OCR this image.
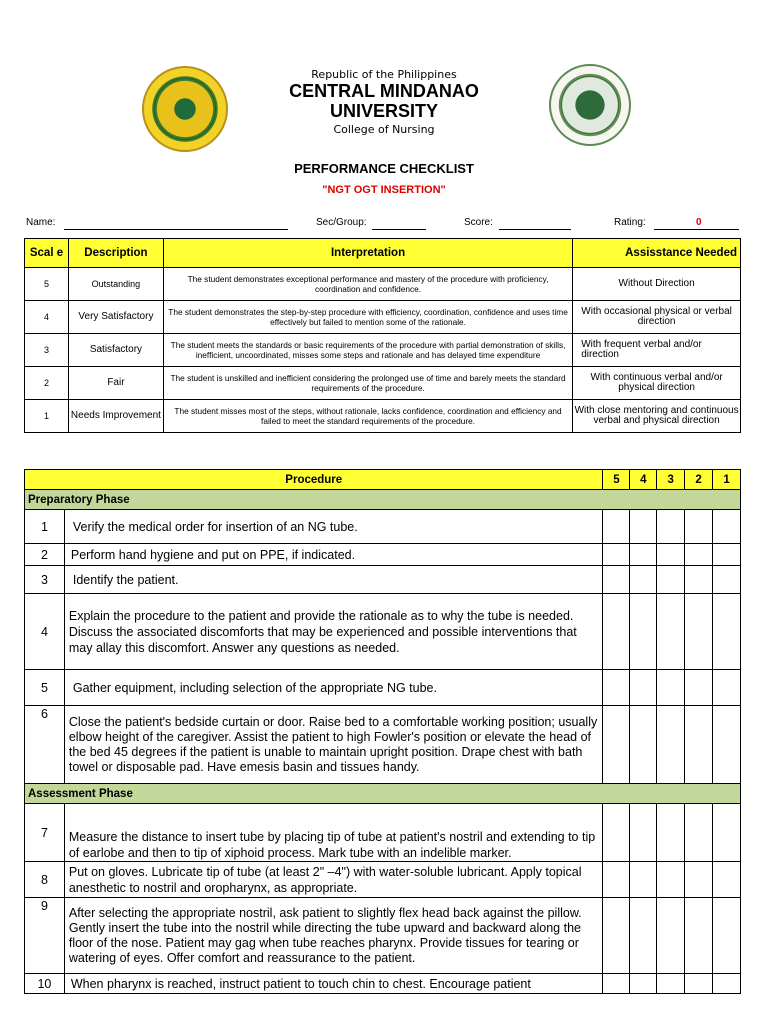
Republic of the Philippines
CENTRAL MINDANAO
UNIVERSITY
College of Nursing
PERFORMANCE CHECKLIST
"NGT OGT INSERTION"
Name:	Sec/Group:	Score:	Rating:	0
Scal e	Description	Interpretation	Assisstance Needed
5	Outstanding	The student demonstrates exceptional performance and mastery of the procedure with proficiency, coordination and confidence.	Without Direction
4	Very Satisfactory	The student demonstrates the step-by-step procedure with efficiency, coordination, confidence and uses time effectively but failed to mention some of the rationale.	With occasional physical or verbal direction
3	Satisfactory	The student meets the standards or basic requirements of the procedure with partial demonstration of skills, inefficient, uncoordinated, misses some steps and rationale and has delayed time expenditure	With frequent verbal and/or direction
2	Fair	The student is unskilled and inefficient considering the prolonged use of time and barely meets the standard requirements of the procedure.	With continuous verbal and/or physical direction
1	Needs Improvement	The student misses most of the steps, without rationale, lacks confidence, coordination and efficiency and failed to meet the standard requirements of the procedure.	With close mentoring and continuous verbal and physical direction
Procedure		5	4	3	2	1
Preparatory Phase						
1	Verify the medical order for insertion of an NG tube.					
2	Perform hand hygiene and put on PPE, if indicated.					
3	Identify the patient.					
4	Explain the procedure to the patient and provide the rationale as to why the tube is needed. Discuss the associated discomforts that may be experienced and possible interventions that may allay this discomfort. Answer any questions as needed.					
5	Gather equipment, including selection of the appropriate NG tube.					
6	Close the patient's bedside curtain or door. Raise bed to a comfortable working position; usually elbow height of the caregiver. Assist the patient to high Fowler's position or elevate the head of the bed 45 degrees if the patient is unable to maintain upright position. Drape chest with bath towel or disposable pad. Have emesis basin and tissues handy.					
Assessment Phase						
7	Measure the distance to insert tube by placing tip of tube at patient's nostril and extending to tip of earlobe and then to tip of xiphoid process. Mark tube with an indelible marker.					
8	Put on gloves. Lubricate tip of tube (at least 2" –4") with water-soluble lubricant. Apply topical anesthetic to nostril and oropharynx, as appropriate.					
9	After selecting the appropriate nostril, ask patient to slightly flex head back against the pillow. Gently insert the tube into the nostril while directing the tube upward and backward along the floor of the nose. Patient may gag when tube reaches pharynx. Provide tissues for tearing or watering of eyes. Offer comfort and reassurance to the patient.					
10	When pharynx is reached, instruct patient to touch chin to chest. Encourage patient					
